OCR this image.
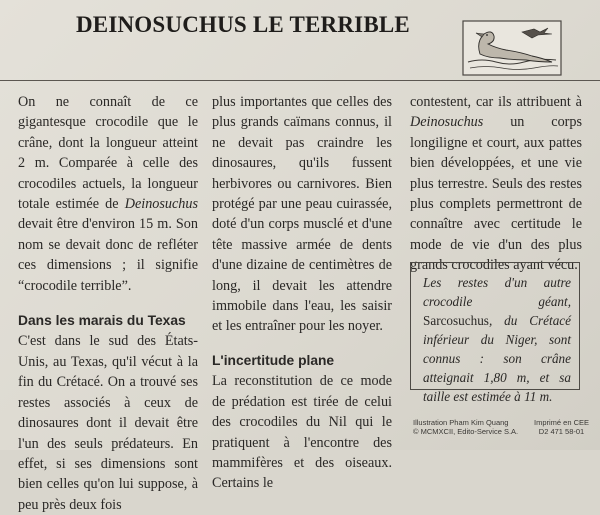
DEINOSUCHUS LE TERRIBLE

On ne connaît de ce gigantesque crocodile que le crâne, dont la longueur atteint 2 m. Comparée à celle des crocodiles actuels, la longueur totale estimée de Deinosuchus devait être d'environ 15 m. Son nom se devait donc de refléter ces dimensions ; il signifie “crocodile terrible”.

Dans les marais du Texas

C'est dans le sud des États-Unis, au Texas, qu'il vécut à la fin du Crétacé. On a trouvé ses restes associés à ceux de dinosaures dont il devait être l'un des seuls prédateurs. En effet, si ses dimensions sont bien celles qu'on lui suppose, à peu près deux fois

plus importantes que celles des plus grands caïmans connus, il ne devait pas craindre les dinosaures, qu'ils fussent herbivores ou carnivores. Bien protégé par une peau cuirassée, doté d'un corps musclé et d'une tête massive armée de dents d'une dizaine de centimètres de long, il devait les attendre immobile dans l'eau, les saisir et les entraîner pour les noyer.

L'incertitude plane

La reconstitution de ce mode de prédation est tirée de celui des crocodiles du Nil qui le pratiquent à l'encontre des mammifères et des oiseaux. Certains le

contestent, car ils attribuent à Deinosuchus un corps longiligne et court, aux pattes bien développées, et une vie plus terrestre. Seuls des restes plus complets permettront de connaître avec certitude le mode de vie d'un des plus grands crocodiles ayant vécu.

Les restes d'un autre crocodile géant, Sarcosuchus, du Crétacé inférieur du Niger, sont connus : son crâne atteignait 1,80 m, et sa taille est estimée à 11 m.
Illustration Pham Kim Quang
© MCMXCII, Edito-Service S.A.
Imprimé en CEE
D2 471 58-01
